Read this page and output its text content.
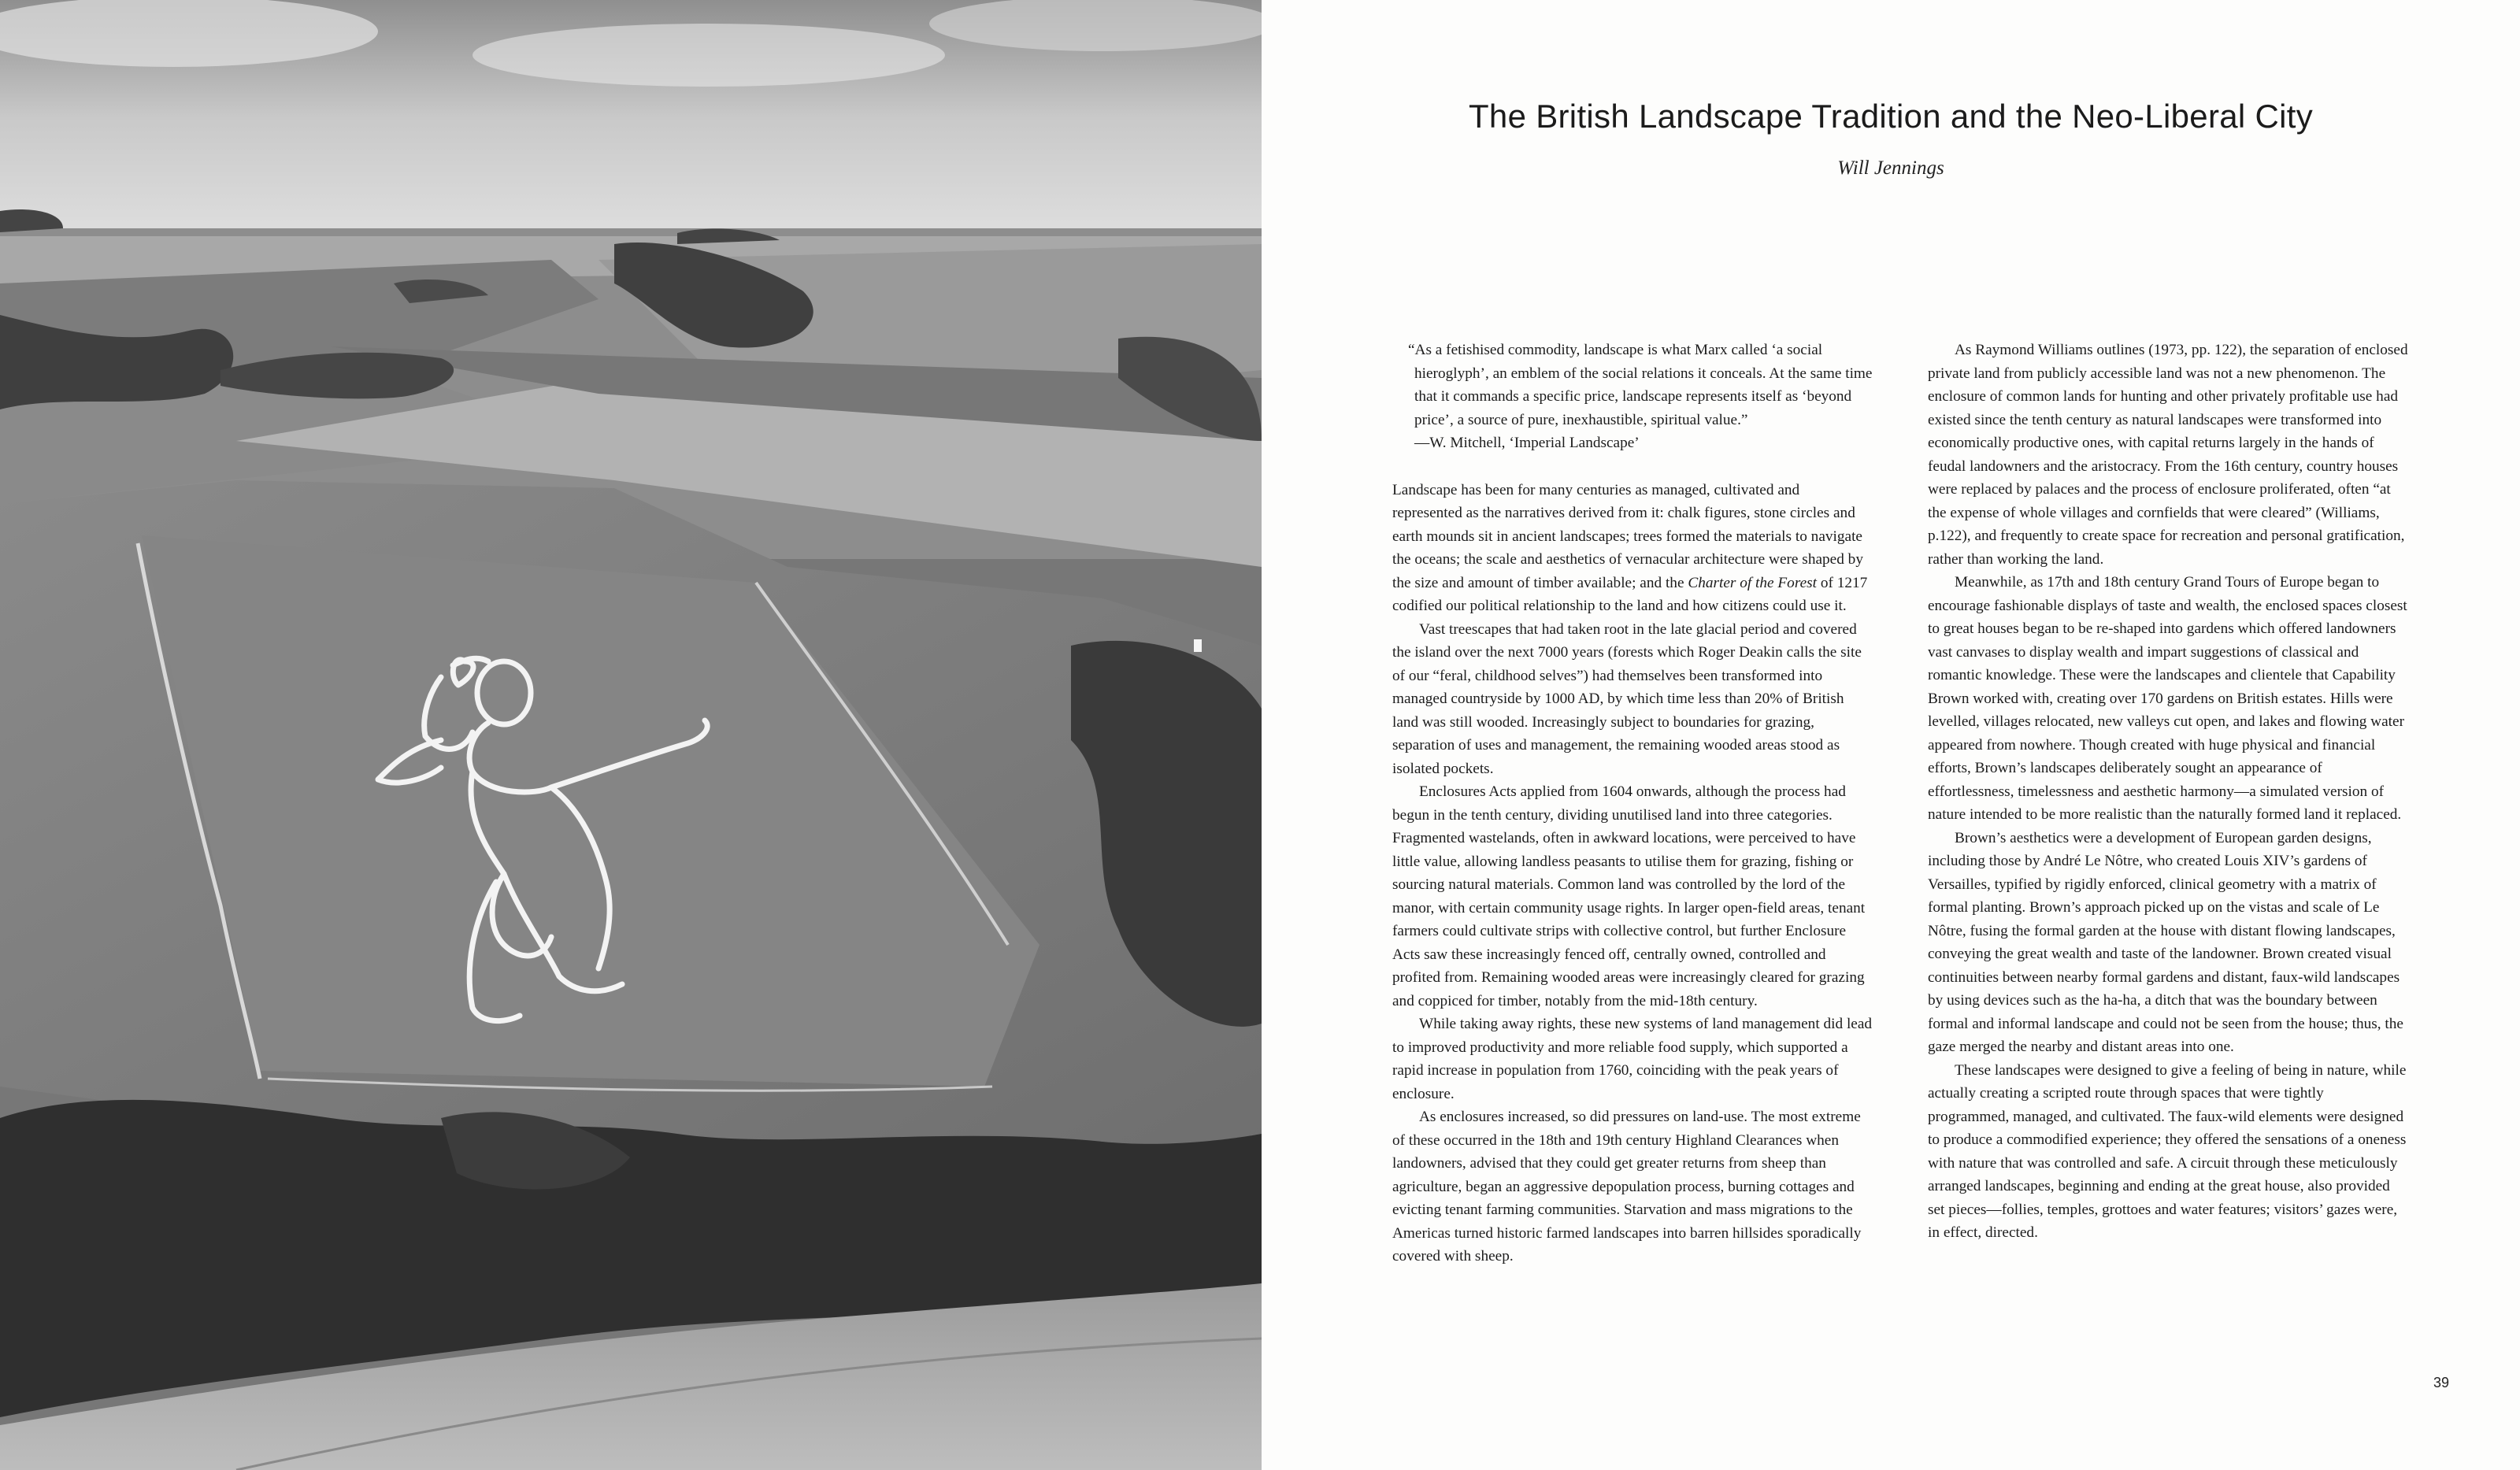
The British Landscape Tradition and the Neo-Liberal City
Will Jennings

“As a fetishised commodity, landscape is what Marx called ‘a social hieroglyph’, an emblem of the social relations it conceals. At the same time that it commands a specific price, landscape represents itself as ‘beyond price’, a source of pure, inexhaustible, spiritual value.”

—W. Mitchell, ‘Imperial Landscape’

Landscape has been for many centuries as managed, cultivated and represented as the narratives derived from it: chalk figures, stone circles and earth mounds sit in ancient landscapes; trees formed the materials to navigate the oceans; the scale and aesthetics of vernacular architecture were shaped by the size and amount of timber available; and the Charter of the Forest of 1217 codified our political relationship to the land and how citizens could use it.

Vast treescapes that had taken root in the late glacial period and covered the island over the next 7000 years (forests which Roger Deakin calls the site of our “feral, childhood selves”) had themselves been transformed into managed countryside by 1000 AD, by which time less than 20% of British land was still wooded. Increasingly subject to boundaries for grazing, separation of uses and management, the remaining wooded areas stood as isolated pockets.

Enclosures Acts applied from 1604 onwards, although the process had begun in the tenth century, dividing unutilised land into three categories. Fragmented wastelands, often in awkward locations, were perceived to have little value, allowing landless peasants to utilise them for grazing, fishing or sourcing natural materials. Common land was controlled by the lord of the manor, with certain community usage rights. In larger open-field areas, tenant farmers could cultivate strips with collective control, but further Enclosure Acts saw these increasingly fenced off, centrally owned, controlled and profited from. Remaining wooded areas were increasingly cleared for grazing and coppiced for timber, notably from the mid-18th century.

While taking away rights, these new systems of land management did lead to improved productivity and more reliable food supply, which supported a rapid increase in population from 1760, coinciding with the peak years of enclosure.

As enclosures increased, so did pressures on land-use. The most extreme of these occurred in the 18th and 19th century Highland Clearances when landowners, advised that they could get greater returns from sheep than agriculture, began an aggressive depopulation process, burning cottages and evicting tenant farming communities. Starvation and mass migrations to the Americas turned historic farmed landscapes into barren hillsides sporadically covered with sheep.

As Raymond Williams outlines (1973, pp. 122), the separation of enclosed private land from publicly accessible land was not a new phenomenon. The enclosure of common lands for hunting and other privately profitable use had existed since the tenth century as natural landscapes were transformed into economically productive ones, with capital returns largely in the hands of feudal landowners and the aristocracy. From the 16th century, country houses were replaced by palaces and the process of enclosure proliferated, often “at the expense of whole villages and cornfields that were cleared” (Williams, p.122), and frequently to create space for recreation and personal gratification, rather than working the land.

Meanwhile, as 17th and 18th century Grand Tours of Europe began to encourage fashionable displays of taste and wealth, the enclosed spaces closest to great houses began to be re-shaped into gardens which offered landowners vast canvases to display wealth and impart suggestions of classical and romantic knowledge. These were the landscapes and clientele that Capability Brown worked with, creating over 170 gardens on British estates. Hills were levelled, villages relocated, new valleys cut open, and lakes and flowing water appeared from nowhere. Though created with huge physical and financial efforts, Brown’s landscapes deliberately sought an appearance of effortlessness, timelessness and aesthetic harmony—a simulated version of nature intended to be more realistic than the naturally formed land it replaced.

Brown’s aesthetics were a development of European garden designs, including those by André Le Nôtre, who created Louis XIV’s gardens of Versailles, typified by rigidly enforced, clinical geometry with a matrix of formal planting. Brown’s approach picked up on the vistas and scale of Le Nôtre, fusing the formal garden at the house with distant flowing landscapes, conveying the great wealth and taste of the landowner. Brown created visual continuities between nearby formal gardens and distant, faux-wild landscapes by using devices such as the ha-ha, a ditch that was the boundary between formal and informal landscape and could not be seen from the house; thus, the gaze merged the nearby and distant areas into one.

These landscapes were designed to give a feeling of being in nature, while actually creating a scripted route through spaces that were tightly programmed, managed, and cultivated. The faux-wild elements were designed to produce a commodified experience; they offered the sensations of a oneness with nature that was controlled and safe. A circuit through these meticulously arranged landscapes, beginning and ending at the great house, also provided set pieces—follies, temples, grottoes and water features; visitors’ gazes were, in effect, directed.

39
